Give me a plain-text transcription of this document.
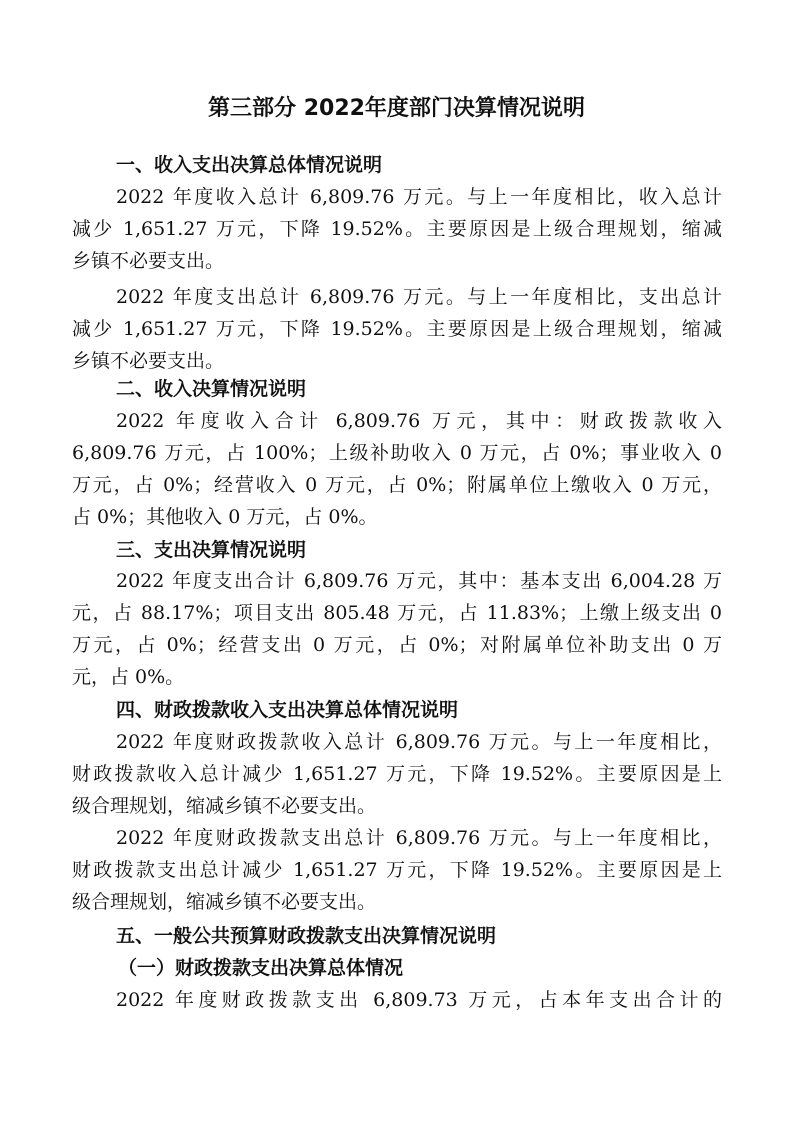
第三部分 2022年度部门决算情况说明
一、收入支出决算总体情况说明

2022 年度收入总计 6,809.76 万元。与上一年度相比，收入总计

减少 1,651.27 万元，下降 19.52%。主要原因是上级合理规划，缩减

乡镇不必要支出。

2022 年度支出总计 6,809.76 万元。与上一年度相比，支出总计

减少 1,651.27 万元，下降 19.52%。主要原因是上级合理规划，缩减

乡镇不必要支出。

二、收入决算情况说明

2022 年度收入合计 6,809.76 万元，其中：财政拨款收入

6,809.76 万元，占 100%；上级补助收入 0 万元，占 0%；事业收入 0

万元，占 0%；经营收入 0 万元，占 0%；附属单位上缴收入 0 万元，

占 0%；其他收入 0 万元，占 0%。

三、支出决算情况说明

2022 年度支出合计 6,809.76 万元，其中：基本支出 6,004.28 万

元，占 88.17%；项目支出 805.48 万元，占 11.83%；上缴上级支出 0

万元，占 0%；经营支出 0 万元，占 0%；对附属单位补助支出 0 万

元，占 0%。

四、财政拨款收入支出决算总体情况说明

2022 年度财政拨款收入总计 6,809.76 万元。与上一年度相比，

财政拨款收入总计减少 1,651.27 万元，下降 19.52%。主要原因是上

级合理规划，缩减乡镇不必要支出。

2022 年度财政拨款支出总计 6,809.76 万元。与上一年度相比，

财政拨款支出总计减少 1,651.27 万元，下降 19.52%。主要原因是上

级合理规划，缩减乡镇不必要支出。

五、一般公共预算财政拨款支出决算情况说明
（一）财政拨款支出决算总体情况

2022 年度财政拨款支出 6,809.73 万元，占本年支出合计的
